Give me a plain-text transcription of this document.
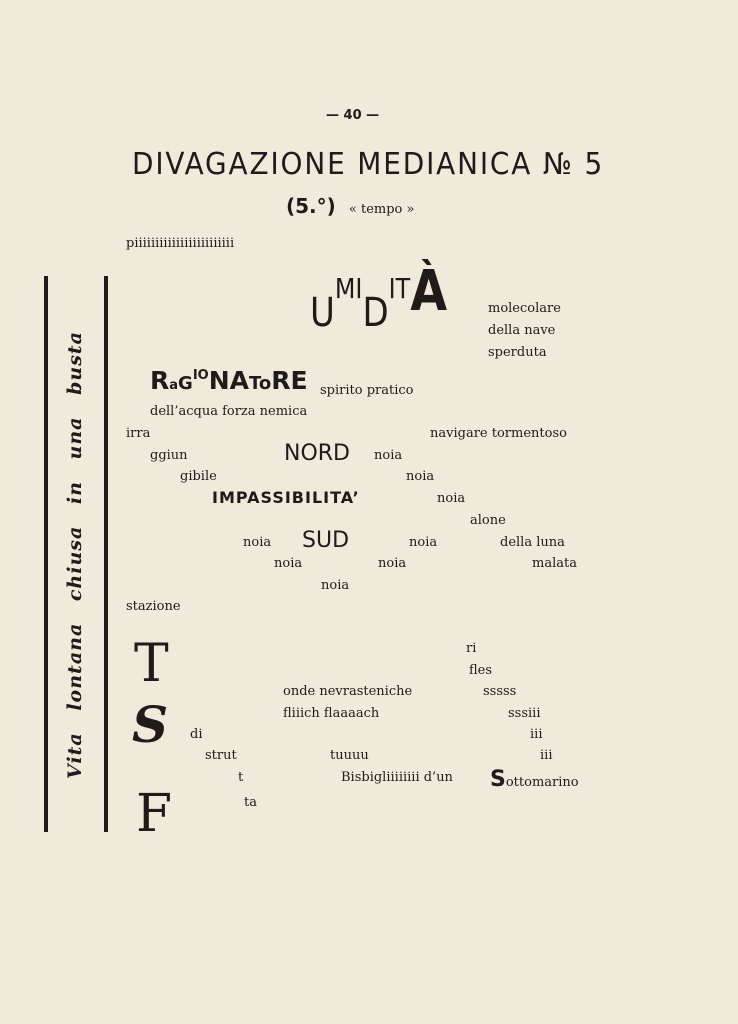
— 40 —
DIVAGAZIONE MEDIANICA № 5
(5.°) « tempo »
piiiiiiiiiiiiiiiiiiiiiiii
Vita lontana chiusa in una busta
$U^{MI}D^{IT}À$	molecolare
della nave
sperduta
RaG$^{IO}$NAToRE spirito pratico
dell’acqua forza nemica
irra	navigare tormentoso
ggiun	NORD noia
gibile	noia
IMPASSIBILITA’	noia
alone
noia SUD	noia	della luna
noia	noia	malata
noia
stazione
T	ri
fles
onde nevrasteniche	sssss
fliiich flaaaach	sssiii
S di	iii
strut	tuuuu	iii
t	Bisbigliiiiiiii d’un Sottomarino
F	ta
